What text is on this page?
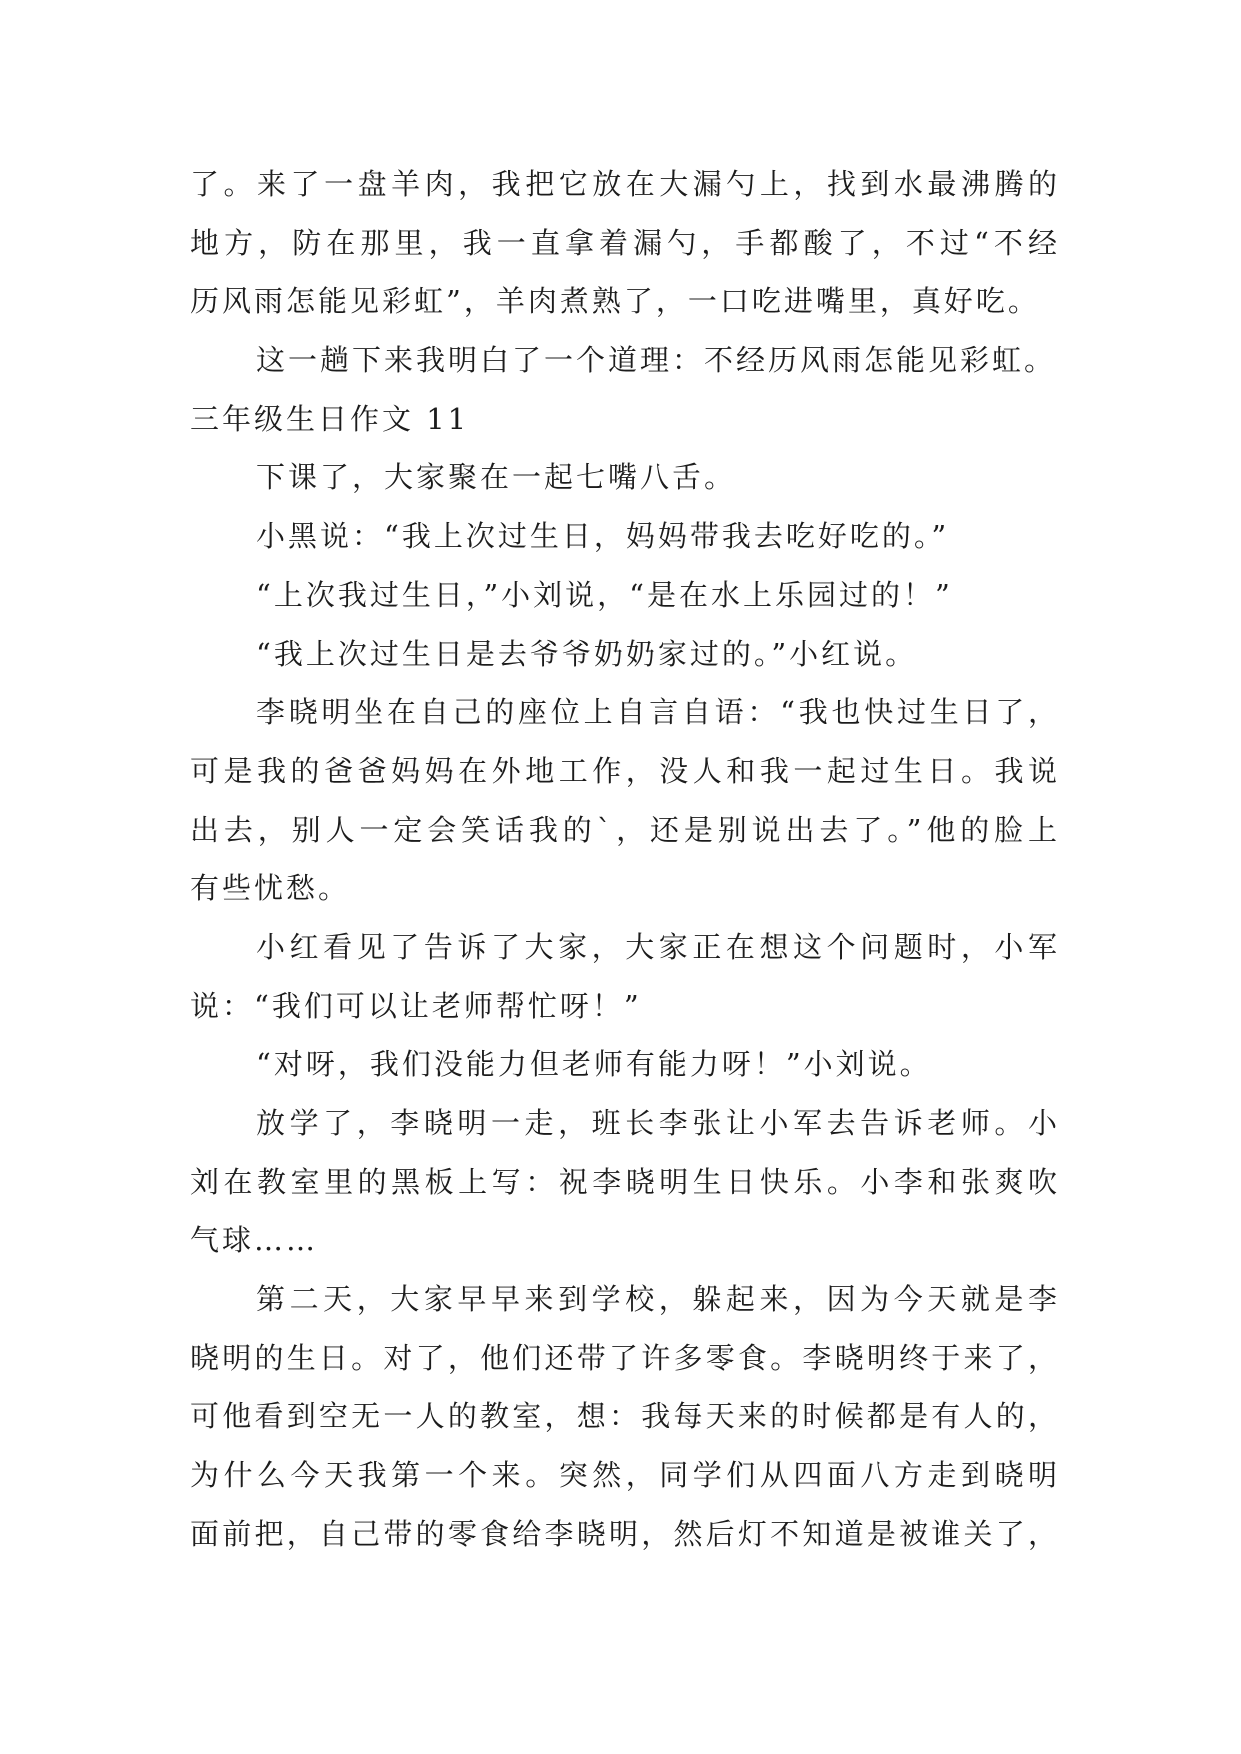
了。来了一盘羊肉，我把它放在大漏勺上，找到水最沸腾的
地方，防在那里，我一直拿着漏勺，手都酸了，不过“不经
历风雨怎能见彩虹”，羊肉煮熟了，一口吃进嘴里，真好吃。
这一趟下来我明白了一个道理：不经历风雨怎能见彩虹。
三年级生日作文 11
下课了，大家聚在一起七嘴八舌。
小黑说：“我上次过生日，妈妈带我去吃好吃的。”
“上次我过生日，”小刘说，“是在水上乐园过的！”
“我上次过生日是去爷爷奶奶家过的。”小红说。
李晓明坐在自己的座位上自言自语：“我也快过生日了，
可是我的爸爸妈妈在外地工作，没人和我一起过生日。我说
出去，别人一定会笑话我的`，还是别说出去了。”他的脸上
有些忧愁。
小红看见了告诉了大家，大家正在想这个问题时，小军
说：“我们可以让老师帮忙呀！”
“对呀，我们没能力但老师有能力呀！”小刘说。
放学了，李晓明一走，班长李张让小军去告诉老师。小
刘在教室里的黑板上写：祝李晓明生日快乐。小李和张爽吹
气球……
第二天，大家早早来到学校，躲起来，因为今天就是李
晓明的生日。对了，他们还带了许多零食。李晓明终于来了，
可他看到空无一人的教室，想：我每天来的时候都是有人的，
为什么今天我第一个来。突然，同学们从四面八方走到晓明
面前把，自己带的零食给李晓明，然后灯不知道是被谁关了，
